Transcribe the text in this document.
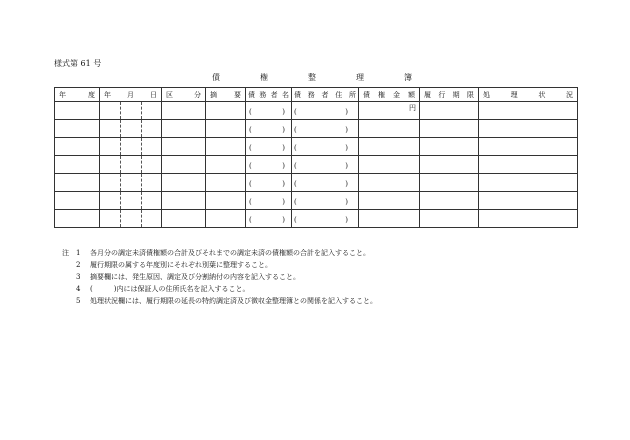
様式第 61 号
債	権	整	理	簿
年 度	年 月 日			区 分	摘 要	債 務 者 名	債 務 者 住 所	債 権 金 額	履 行 期 限	処 理 状 況

						( )	( )	円		

						( )	( )			

						( )	( )			

						( )	( )			

						( )	( )			

						( )	( )			

						( )	( )			

注	1	各月分の調定未済債権額の合計及びそれまでの調定未済の債権額の合計を記入すること。
2	履行期限の属する年度別にそれぞれ別葉に整理すること。
3	摘要欄には、発生原因、調定及び分割納付の内容を記入すること。
4	(　　　)内には保証人の住所氏名を記入すること。
5	処理状況欄には、履行期限の延長の特約調定済及び徴収金整理簿との関係を記入すること。
